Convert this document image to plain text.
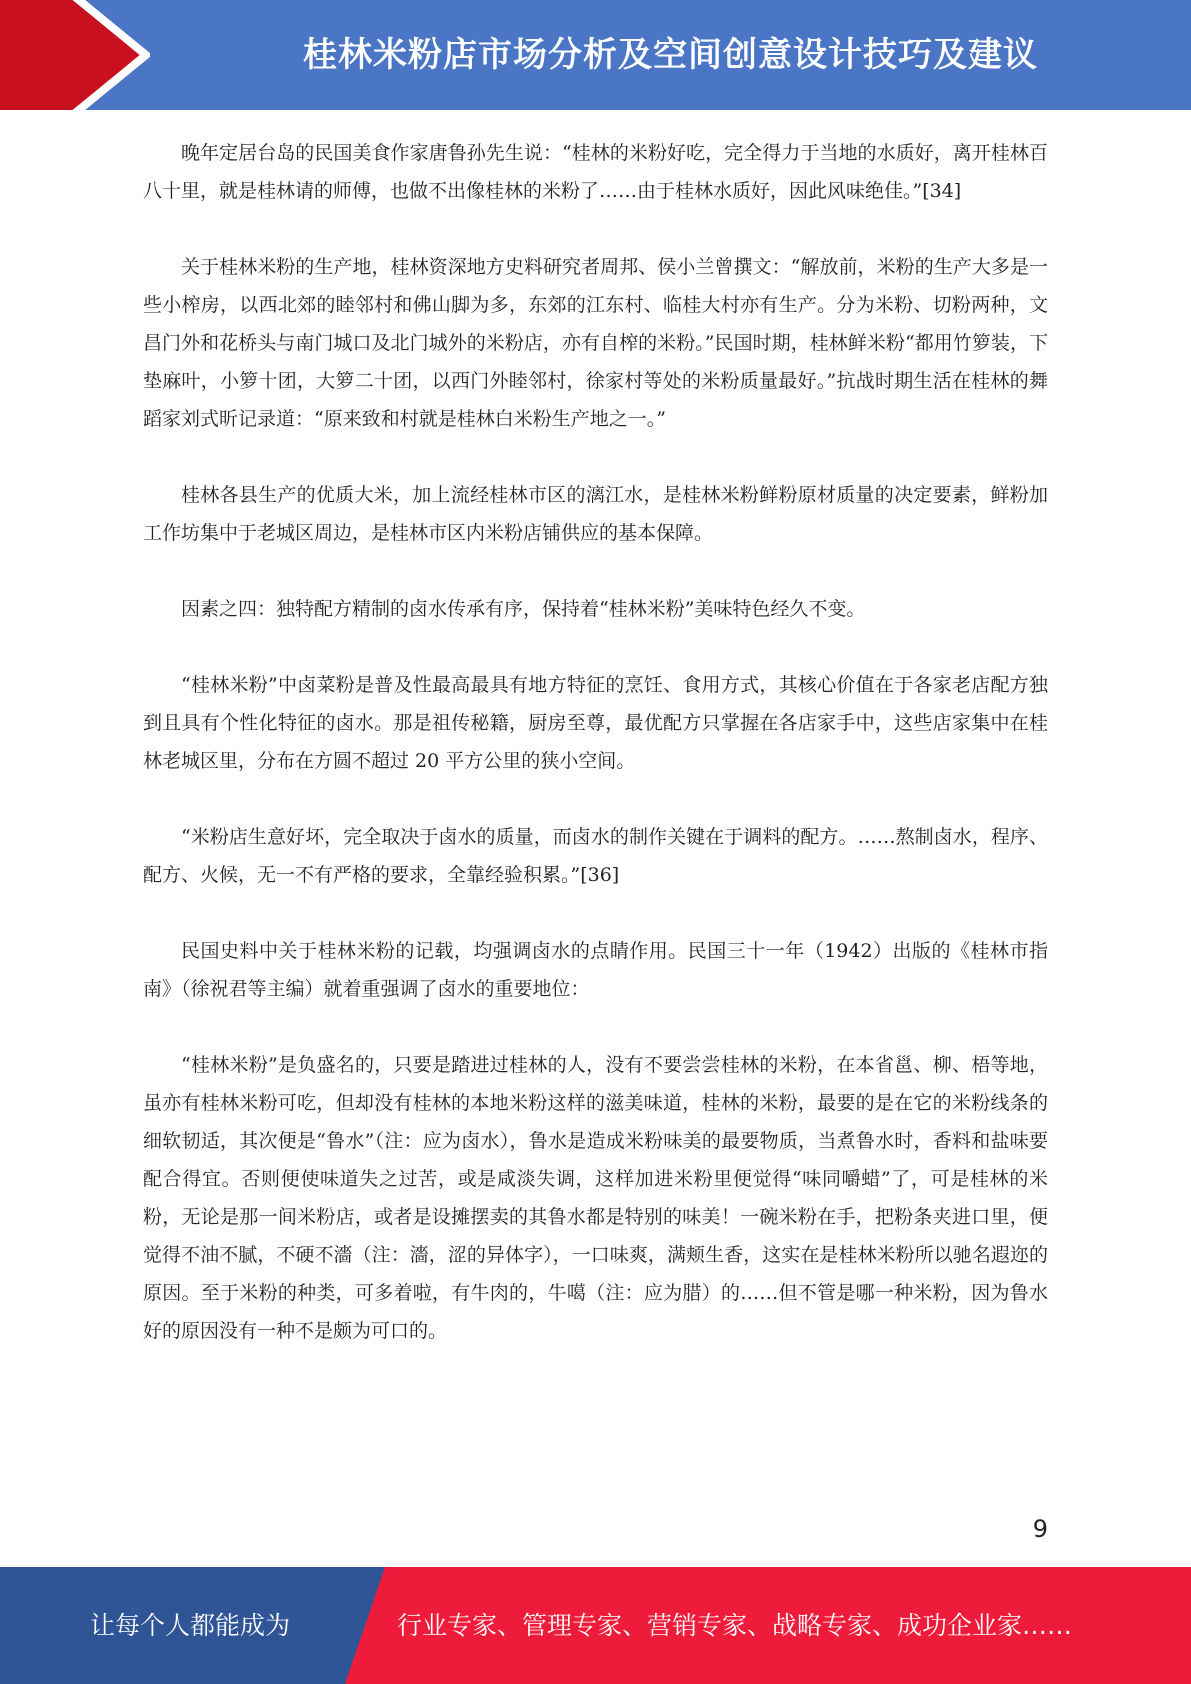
桂林米粉店市场分析及空间创意设计技巧及建议

晚年定居台岛的民国美食作家唐鲁孙先生说：“桂林的米粉好吃，完全得力于当地的水质好，离开桂林百八十里，就是桂林请的师傅，也做不出像桂林的米粉了……由于桂林水质好，因此风味绝佳。”[34]

关于桂林米粉的生产地，桂林资深地方史料研究者周邦、侯小兰曾撰文：“解放前，米粉的生产大多是一些小榨房，以西北郊的睦邻村和佛山脚为多，东郊的江东村、临桂大村亦有生产。分为米粉、切粉两种，文昌门外和花桥头与南门城口及北门城外的米粉店，亦有自榨的米粉。”民国时期，桂林鲜米粉“都用竹箩装，下垫麻叶，小箩十团，大箩二十团，以西门外睦邻村，徐家村等处的米粉质量最好。”抗战时期生活在桂林的舞蹈家刘式昕记录道：“原来致和村就是桂林白米粉生产地之一。”

桂林各县生产的优质大米，加上流经桂林市区的漓江水，是桂林米粉鲜粉原材质量的决定要素，鲜粉加工作坊集中于老城区周边，是桂林市区内米粉店铺供应的基本保障。

因素之四：独特配方精制的卤水传承有序，保持着“桂林米粉”美味特色经久不变。

“桂林米粉”中卤菜粉是普及性最高最具有地方特征的烹饪、食用方式，其核心价值在于各家老店配方独到且具有个性化特征的卤水。那是祖传秘籍，厨房至尊，最优配方只掌握在各店家手中，这些店家集中在桂林老城区里，分布在方圆不超过 20 平方公里的狭小空间。

“米粉店生意好坏，完全取决于卤水的质量，而卤水的制作关键在于调料的配方。……熬制卤水，程序、配方、火候，无一不有严格的要求，全靠经验积累。”[36]

民国史料中关于桂林米粉的记载，均强调卤水的点睛作用。民国三十一年（1942）出版的《桂林市指南》（徐祝君等主编）就着重强调了卤水的重要地位：

“桂林米粉”是负盛名的，只要是踏进过桂林的人，没有不要尝尝桂林的米粉，在本省邕、柳、梧等地，虽亦有桂林米粉可吃，但却没有桂林的本地米粉这样的滋美味道，桂林的米粉，最要的是在它的米粉线条的细软韧适，其次便是“鲁水”（注：应为卤水），鲁水是造成米粉味美的最要物质，当煮鲁水时，香料和盐味要配合得宜。否则便使味道失之过苦，或是咸淡失调，这样加进米粉里便觉得“味同嚼蜡”了，可是桂林的米粉，无论是那一间米粉店，或者是设摊摆卖的其鲁水都是特别的味美！一碗米粉在手，把粉条夹进口里，便觉得不油不腻，不硬不濇（注：濇，涩的异体字），一口味爽，满颊生香，这实在是桂林米粉所以驰名遐迩的原因。至于米粉的种类，可多着啦，有牛肉的，牛噶（注：应为腊）的……但不管是哪一种米粉，因为鲁水好的原因没有一种不是颇为可口的。

9
让每个人都能成为	行业专家、管理专家、营销专家、战略专家、成功企业家……
